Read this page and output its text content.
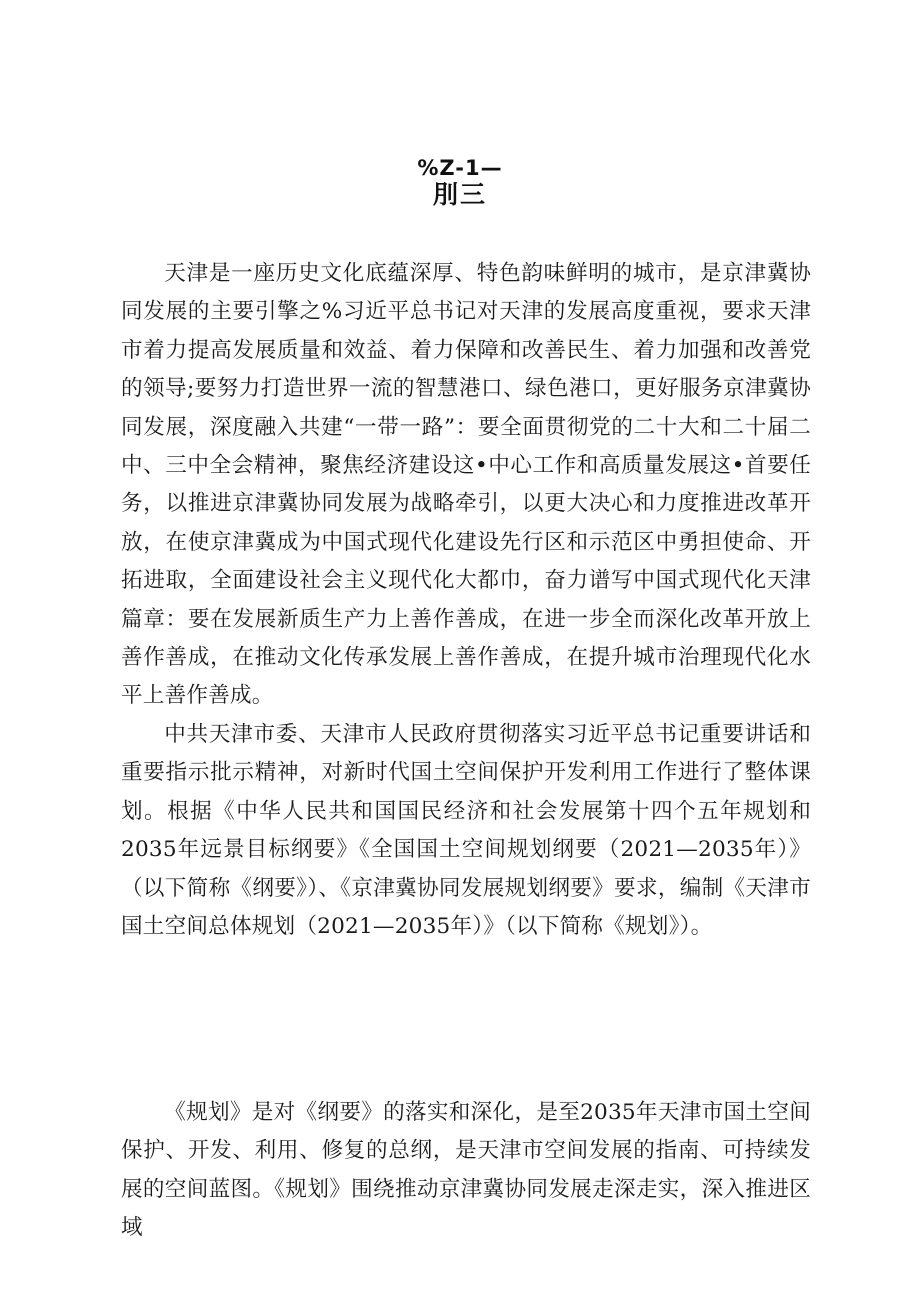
%Z-1—
刖三

天津是一座历史文化底蕴深厚、特色韵味鲜明的城市，是京津冀协同发展的主要引擎之%习近平总书记对天津的发展高度重视，要求天津市着力提高发展质量和效益、着力保障和改善民生、着力加强和改善党的领导;要努力打造世界一流的智慧港口、绿色港口，更好服务京津冀协同发展，深度融入共建“一带一路”：要全面贯彻党的二十大和二十届二中、三中全会精神，聚焦经济建设这•中心工作和高质量发展这•首要任务，以推进京津冀协同发展为战略牵引，以更大决心和力度推进改革开放，在使京津冀成为中国式现代化建设先行区和示范区中勇担使命、开拓进取，全面建设社会主义现代化大都巾，奋力谱写中国式现代化天津篇章：要在发展新质生产力上善作善成，在进一步全而深化改革开放上善作善成，在推动文化传承发展上善作善成，在提升城市治理现代化水平上善作善成。

中共天津市委、天津市人民政府贯彻落实习近平总书记重要讲话和重要指示批示精神，对新时代国土空间保护开发利用工作进行了整体课划。根据《中华人民共和国国民经济和社会发展第十四个五年规划和2035年远景目标纲要》《全国国土空间规划纲要（2021—2035年）》（以下简称《纲要》）、《京津冀协同发展规划纲要》要求，编制《天津市国土空间总体规划（2021—2035年）》（以下简称《规划》）。

《规划》是对《纲要》的落实和深化，是至2035年天津市国土空间保护、开发、利用、修复的总纲，是天津市空间发展的指南、可持续发展的空间蓝图。《规划》围绕推动京津冀协同发展走深走实，深入推进区域
